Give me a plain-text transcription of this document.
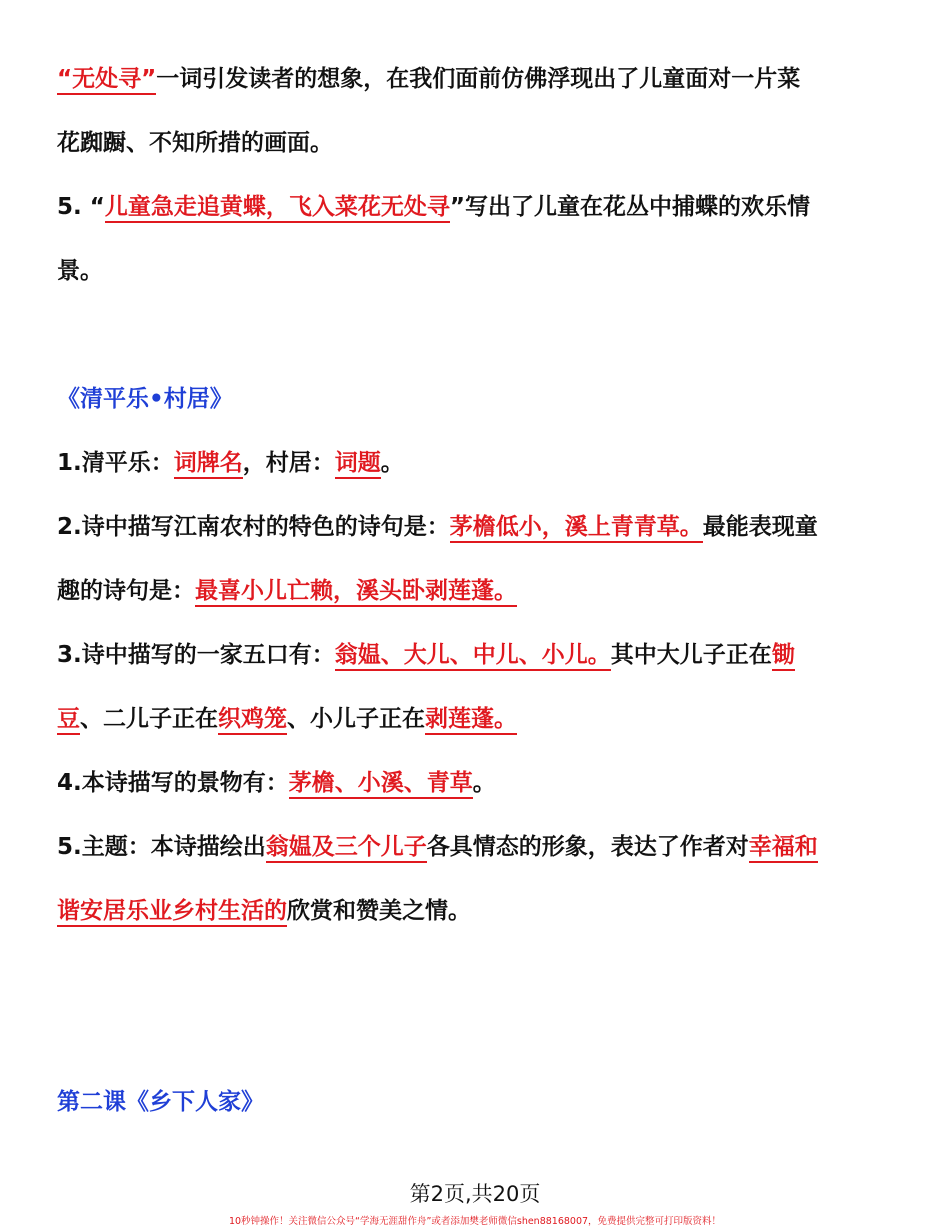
“无处寻”一词引发读者的想象，在我们面前仿佛浮现出了儿童面对一片菜
花踟蹰、不知所措的画面。
5. “儿童急走追黄蝶，飞入菜花无处寻”写出了儿童在花丛中捕蝶的欢乐情
景。
《清平乐•村居》
1.清平乐：词牌名，村居：词题。
2.诗中描写江南农村的特色的诗句是：茅檐低小，溪上青青草。最能表现童
趣的诗句是：最喜小儿亡赖，溪头卧剥莲蓬。
3.诗中描写的一家五口有：翁媪、大儿、中儿、小儿。其中大儿子正在锄
豆、二儿子正在织鸡笼、小儿子正在剥莲蓬。
4.本诗描写的景物有：茅檐、小溪、青草。
5.主题：本诗描绘出翁媪及三个儿子各具情态的形象，表达了作者对幸福和
谐安居乐业乡村生活的欣赏和赞美之情。
第二课《乡下人家》
第2页,共20页
10秒钟操作！关注微信公众号“学海无涯甜作舟”或者添加樊老师微信shen88168007，免费提供完整可打印版资料！
